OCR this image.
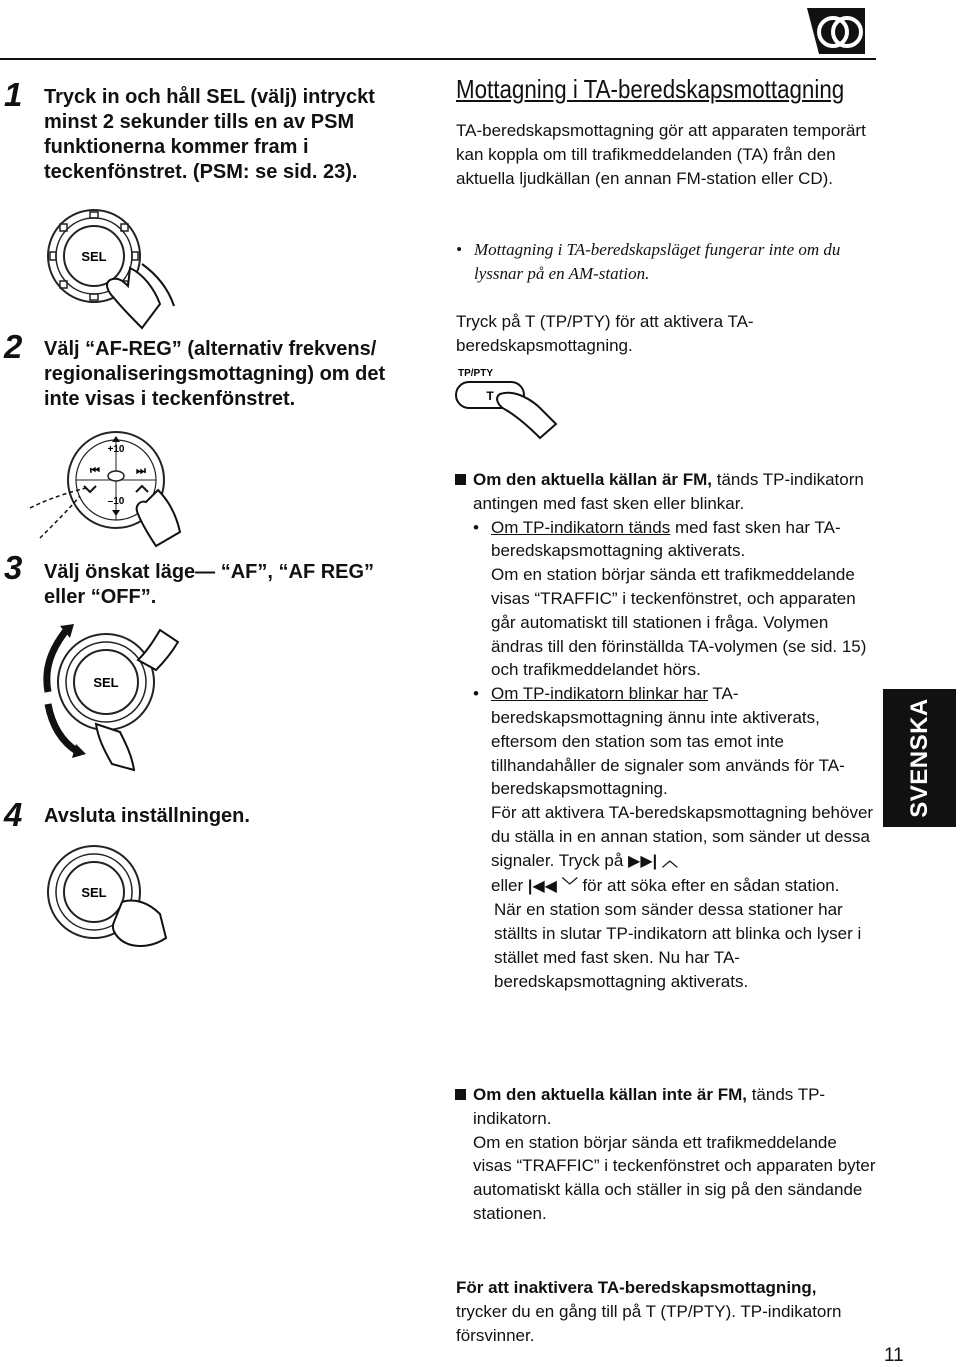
1 Tryck in och håll SEL (välj) intryckt minst 2 sekunder tills en av PSM funktionerna kommer fram i teckenfönstret. (PSM: se sid. 23).
SEL
2 Välj “AF-REG” (alternativ frekvens/ regionaliseringsmottagning) om det inte visas i teckenfönstret.
+10
–10
⏮	⏭
3 Välj önskat läge— “AF”, “AF REG” eller “OFF”.
SEL
4 Avsluta inställningen.
SEL
Mottagning i TA-beredskapsmottagning
TA-beredskapsmottagning gör att apparaten temporärt kan koppla om till trafikmeddelanden (TA) från den aktuella ljudkällan (en annan FM-station eller CD).
• Mottagning i TA-beredskapsläget fungerar inte om du lyssnar på en AM-station.
Tryck på T (TP/PTY) för att aktivera TA-beredskapsmottagning.
TP/PTY
T
Om den aktuella källan är FM, tänds TP-indikatorn antingen med fast sken eller blinkar.
• Om TP-indikatorn tänds med fast sken har TA-beredskapsmottagning aktiverats.
Om en station börjar sända ett trafikmeddelande visas “TRAFFIC” i teckenfönstret, och apparaten går automatiskt till stationen i fråga. Volymen ändras till den förinställda TA-volymen (se sid. 15) och trafikmeddelandet hörs.
• Om TP-indikatorn blinkar har TA-beredskapsmottagning ännu inte aktiverats, eftersom den station som tas emot inte tillhandahåller de signaler som används för TA-beredskapsmottagning.
För att aktivera TA-beredskapsmottagning behöver du ställa in en annan station, som sänder ut dessa signaler. Tryck på ▶▶| ︿
eller |◀◀ ﹀ för att söka efter en sådan station.
När en station som sänder dessa stationer har ställts in slutar TP-indikatorn att blinka och lyser i stället med fast sken. Nu har TA-beredskapsmottagning aktiverats.
Om den aktuella källan inte är FM, tänds TP-indikatorn.
Om en station börjar sända ett trafikmeddelande visas “TRAFFIC” i teckenfönstret och apparaten byter automatiskt källa och ställer in sig på den sändande stationen.
För att inaktivera TA-beredskapsmottagning, trycker du en gång till på T (TP/PTY). TP-indikatorn försvinner.
SVENSKA
11
